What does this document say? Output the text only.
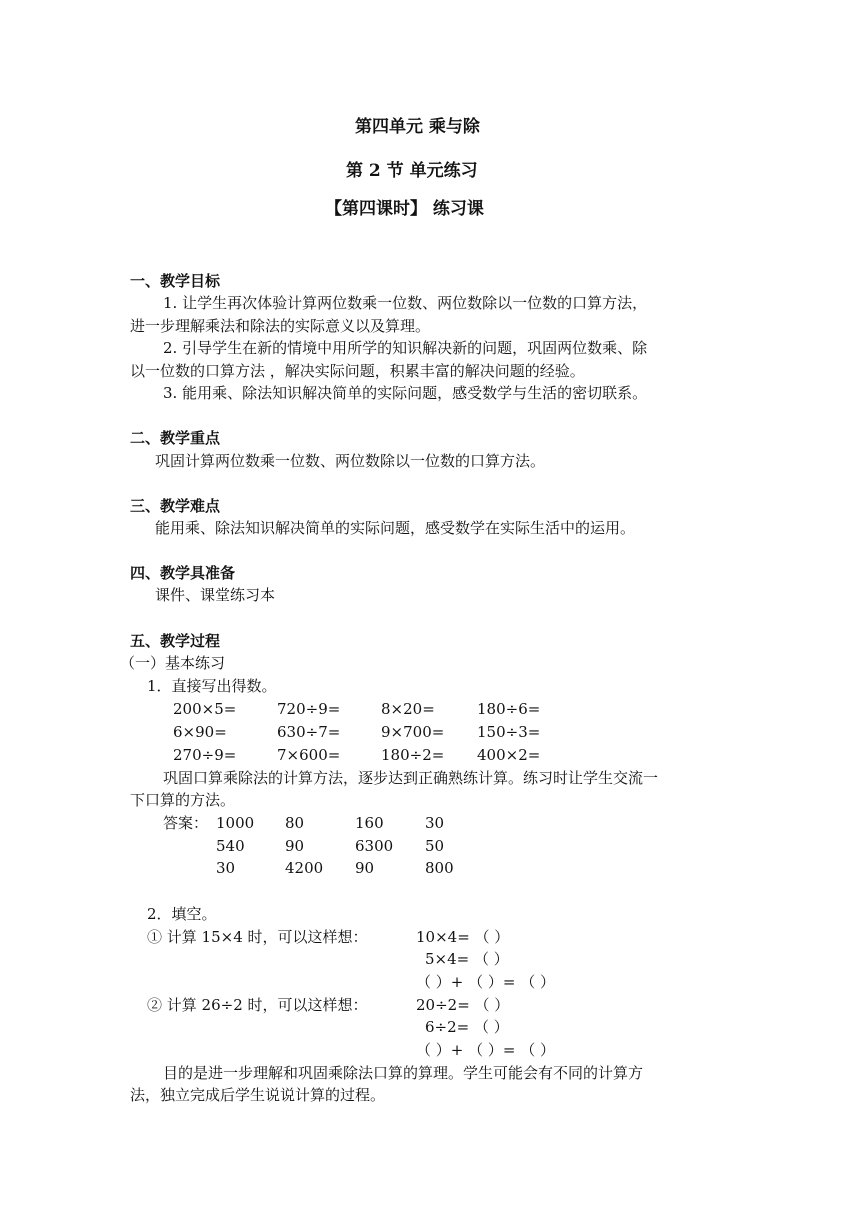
第四单元 乘与除
第 2 节 单元练习
【第四课时】 练习课
一、教学目标
1. 让学生再次体验计算两位数乘一位数、两位数除以一位数的口算方法，
进一步理解乘法和除法的实际意义以及算理。
2. 引导学生在新的情境中用所学的知识解决新的问题，巩固两位数乘、除
以一位数的口算方法 ，解决实际问题，积累丰富的解决问题的经验。
3. 能用乘、除法知识解决简单的实际问题，感受数学与生活的密切联系。
二、教学重点
巩固计算两位数乘一位数、两位数除以一位数的口算方法。
三、教学难点
能用乘、除法知识解决简单的实际问题，感受数学在实际生活中的运用。
四、教学具准备
课件、课堂练习本
五、教学过程
（一）基本练习
1．直接写出得数。
200×5=	720÷9=	8×20=	180÷6=
6×90=	630÷7=	9×700= 150÷3=
270÷9=	7×600=	180÷2= 400×2=
巩固口算乘除法的计算方法，逐步达到正确熟练计算。练习时让学生交流一
下口算的方法。
答案： 1000 80	160	30
540	90	6300 50
30	4200 90	800
2．填空。
① 计算 15×4 时，可以这样想：	10×4= （ ）
5×4= （ ）
（ ）+ （ ）= （ ）
② 计算 26÷2 时，可以这样想：	20÷2= （ ）
6÷2= （ ）
（ ）+ （ ）= （ ）
目的是进一步理解和巩固乘除法口算的算理。学生可能会有不同的计算方
法，独立完成后学生说说计算的过程。
